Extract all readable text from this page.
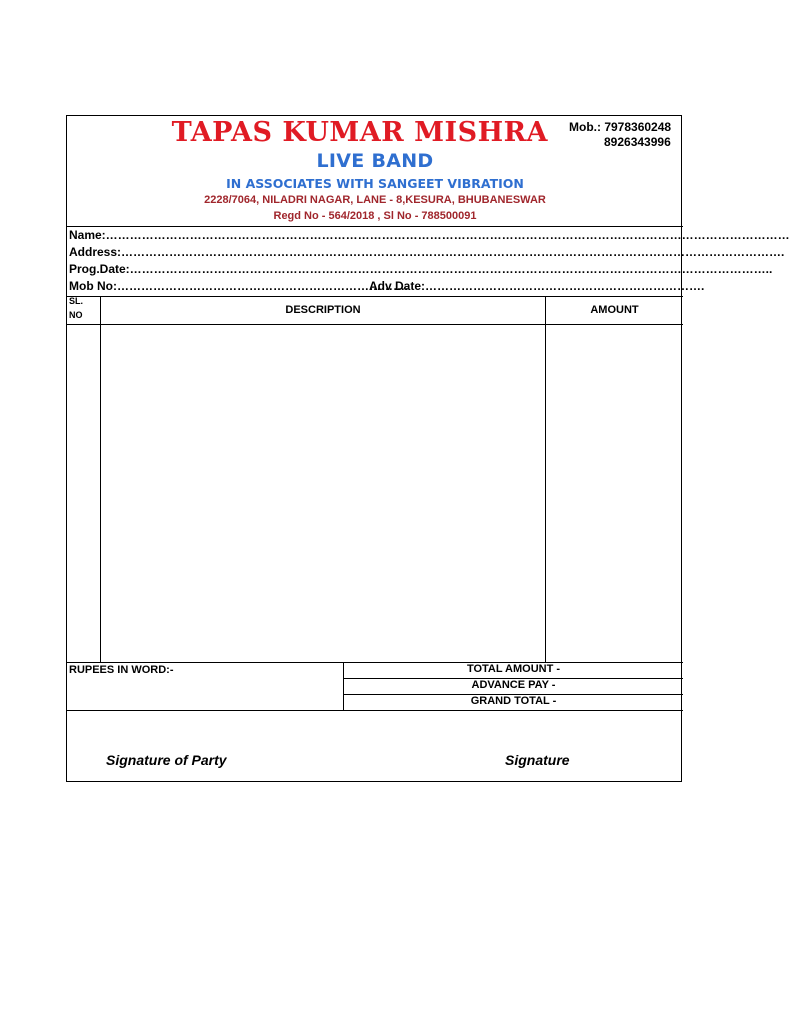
TAPAS KUMAR MISHRA	Mob.: 7978360248
8926343996
LIVE BAND
IN ASSOCIATES WITH SANGEET VIBRATION
2228/7064, NILADRI NAGAR, LANE - 8,KESURA, BHUBANESWAR
Regd No - 564/2018 , Sl No - 788500091
Name:………………………………………………………………………………………………………………………………………………………
Address:………………………………………………………………………………………………………………………………………………….
Prog.Date:……………………………………………………………………………………………………………………………………………..
Mob No:……………………………………………………………….
Adv Date:…………………………………………………………….
SL.
NO	DESCRIPTION	AMOUNT
RUPEES IN WORD:-	TOTAL AMOUNT -
ADVANCE PAY -
GRAND TOTAL -
Signature of Party	Signature
